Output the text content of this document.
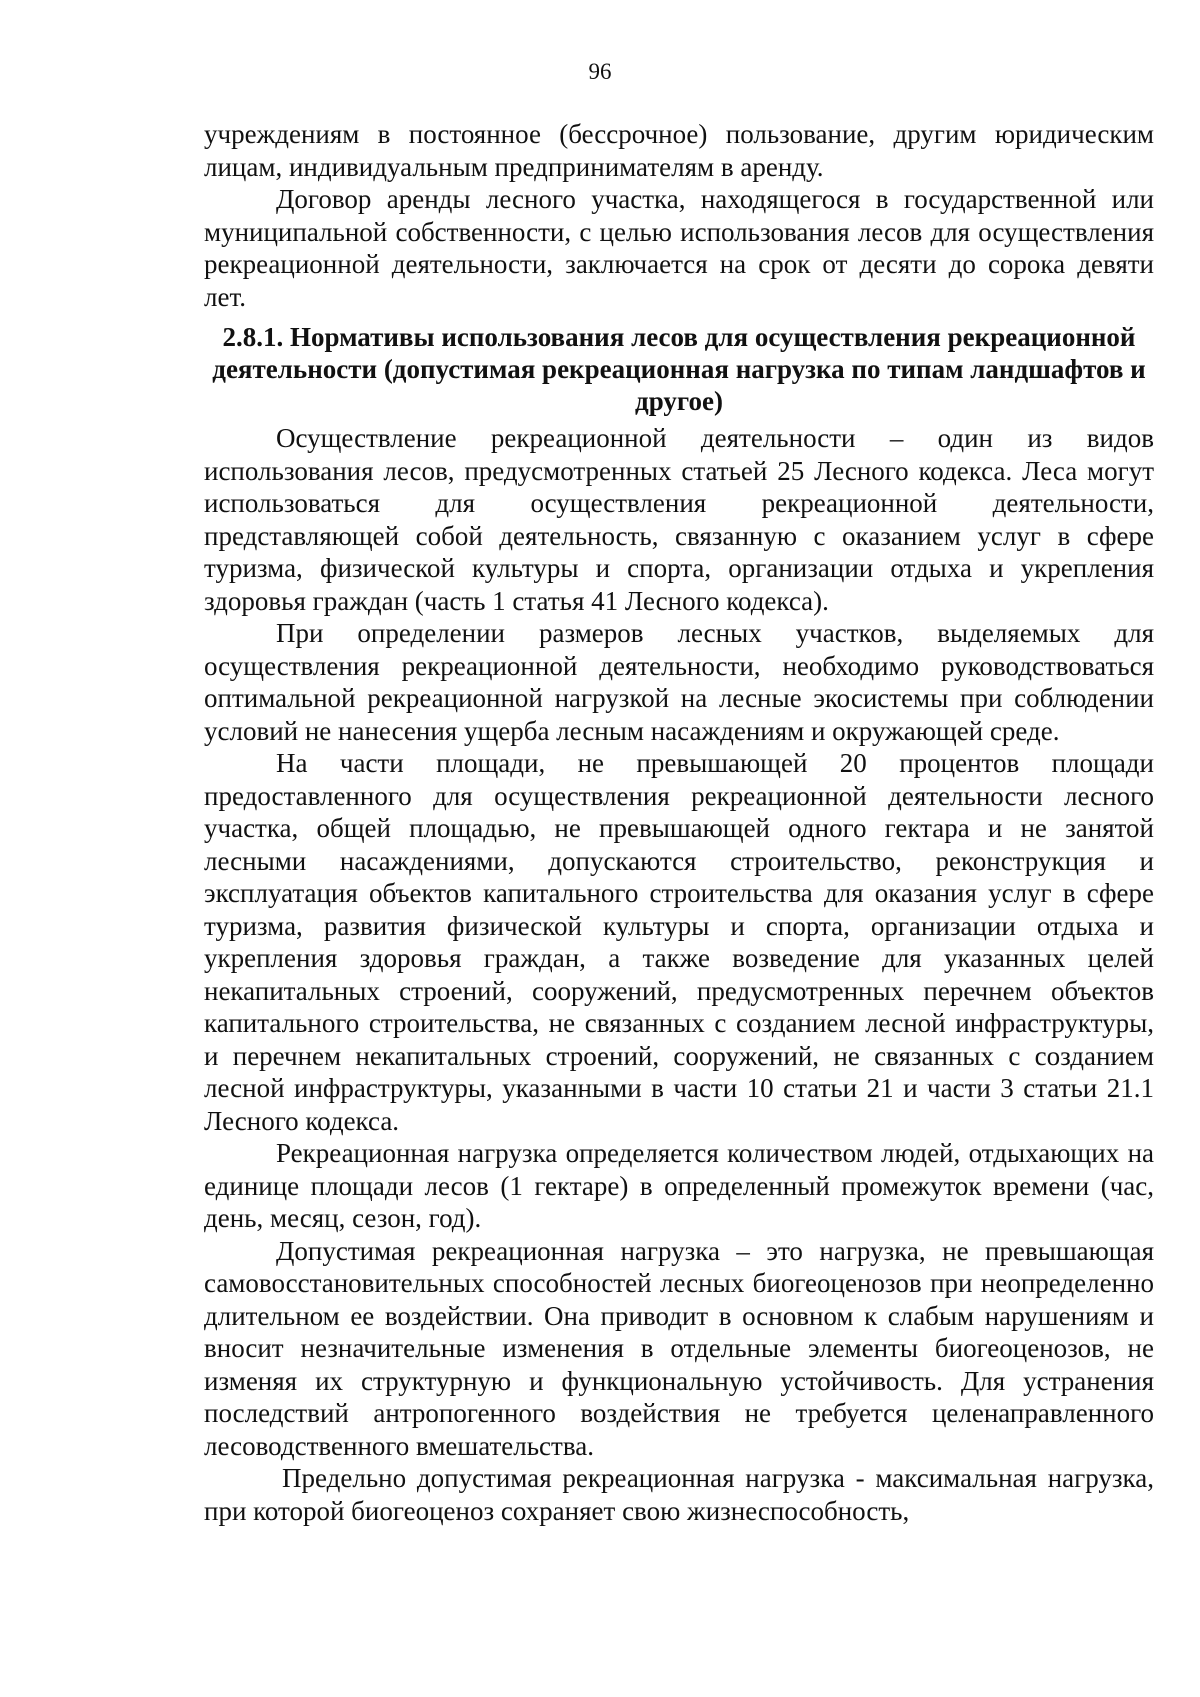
96

учреждениям в постоянное (бессрочное) пользование, другим юридическим лицам, индивидуальным предпринимателям в аренду.

Договор аренды лесного участка, находящегося в государственной или муниципальной собственности, с целью использования лесов для осуществления рекреационной деятельности, заключается на срок от десяти до сорока девяти лет.

2.8.1. Нормативы использования лесов для осуществления рекреационной деятельности (допустимая рекреационная нагрузка по типам ландшафтов и другое)

Осуществление рекреационной деятельности – один из видов использования лесов, предусмотренных статьей 25 Лесного кодекса. Леса могут использоваться для осуществления рекреационной деятельности, представляющей собой деятельность, связанную с оказанием услуг в сфере туризма, физической культуры и спорта, организации отдыха и укрепления здоровья граждан (часть 1 статья 41 Лесного кодекса).

При определении размеров лесных участков, выделяемых для осуществления рекреационной деятельности, необходимо руководствоваться оптимальной рекреационной нагрузкой на лесные экосистемы при соблюдении условий не нанесения ущерба лесным насаждениям и окружающей среде.

На части площади, не превышающей 20 процентов площади предоставленного для осуществления рекреационной деятельности лесного участка, общей площадью, не превышающей одного гектара и не занятой лесными насаждениями, допускаются строительство, реконструкция и эксплуатация объектов капитального строительства для оказания услуг в сфере туризма, развития физической культуры и спорта, организации отдыха и укрепления здоровья граждан, а также возведение для указанных целей некапитальных строений, сооружений, предусмотренных перечнем объектов капитального строительства, не связанных с созданием лесной инфраструктуры, и перечнем некапитальных строений, сооружений, не связанных с созданием лесной инфраструктуры, указанными в части 10 статьи 21 и части 3 статьи 21.1 Лесного кодекса.

Рекреационная нагрузка определяется количеством людей, отдыхающих на единице площади лесов (1 гектаре) в определенный промежуток времени (час, день, месяц, сезон, год).

Допустимая рекреационная нагрузка – это нагрузка, не превышающая самовосстановительных способностей лесных биогеоценозов при неопределенно длительном ее воздействии. Она приводит в основном к слабым нарушениям и вносит незначительные изменения в отдельные элементы биогеоценозов, не изменяя их структурную и функциональную устойчивость. Для устранения последствий антропогенного воздействия не требуется целенаправленного лесоводственного вмешательства.

Предельно допустимая рекреационная нагрузка - максимальная нагрузка, при которой биогеоценоз сохраняет свою жизнеспособность,
